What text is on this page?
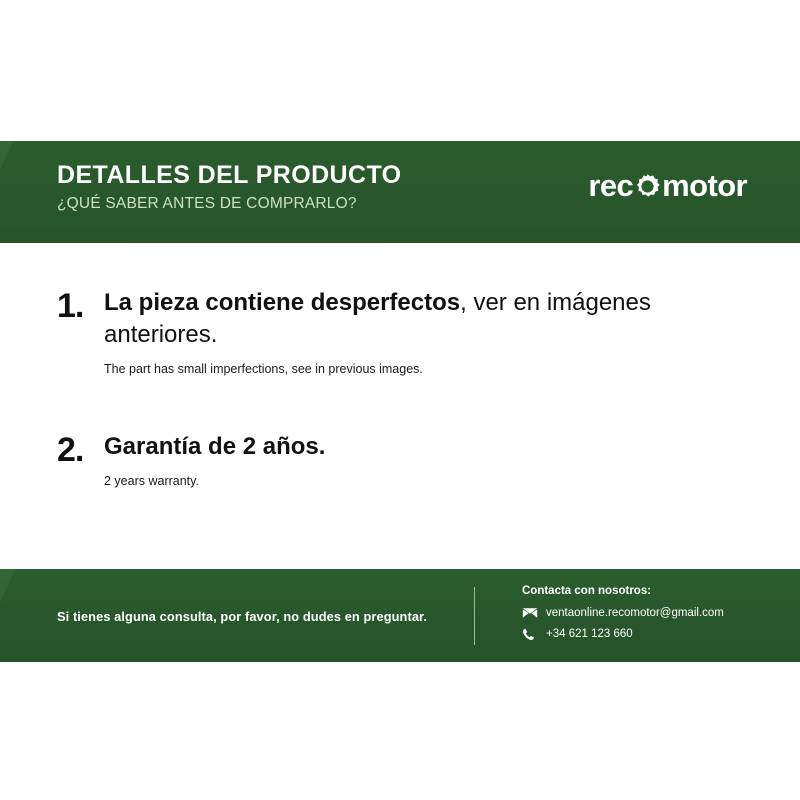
DETALLES DEL PRODUCTO
¿QUÉ SABER ANTES DE COMPRARLO?
rec motor
1. La pieza contiene desperfectos, ver en imágenes anteriores.
The part has small imperfections, see in previous images.
2. Garantía de 2 años.
2 years warranty.
Si tienes alguna consulta, por favor, no dudes en preguntar.
Contacta con nosotros:
ventaonline.recomotor@gmail.com
+34 621 123 660
